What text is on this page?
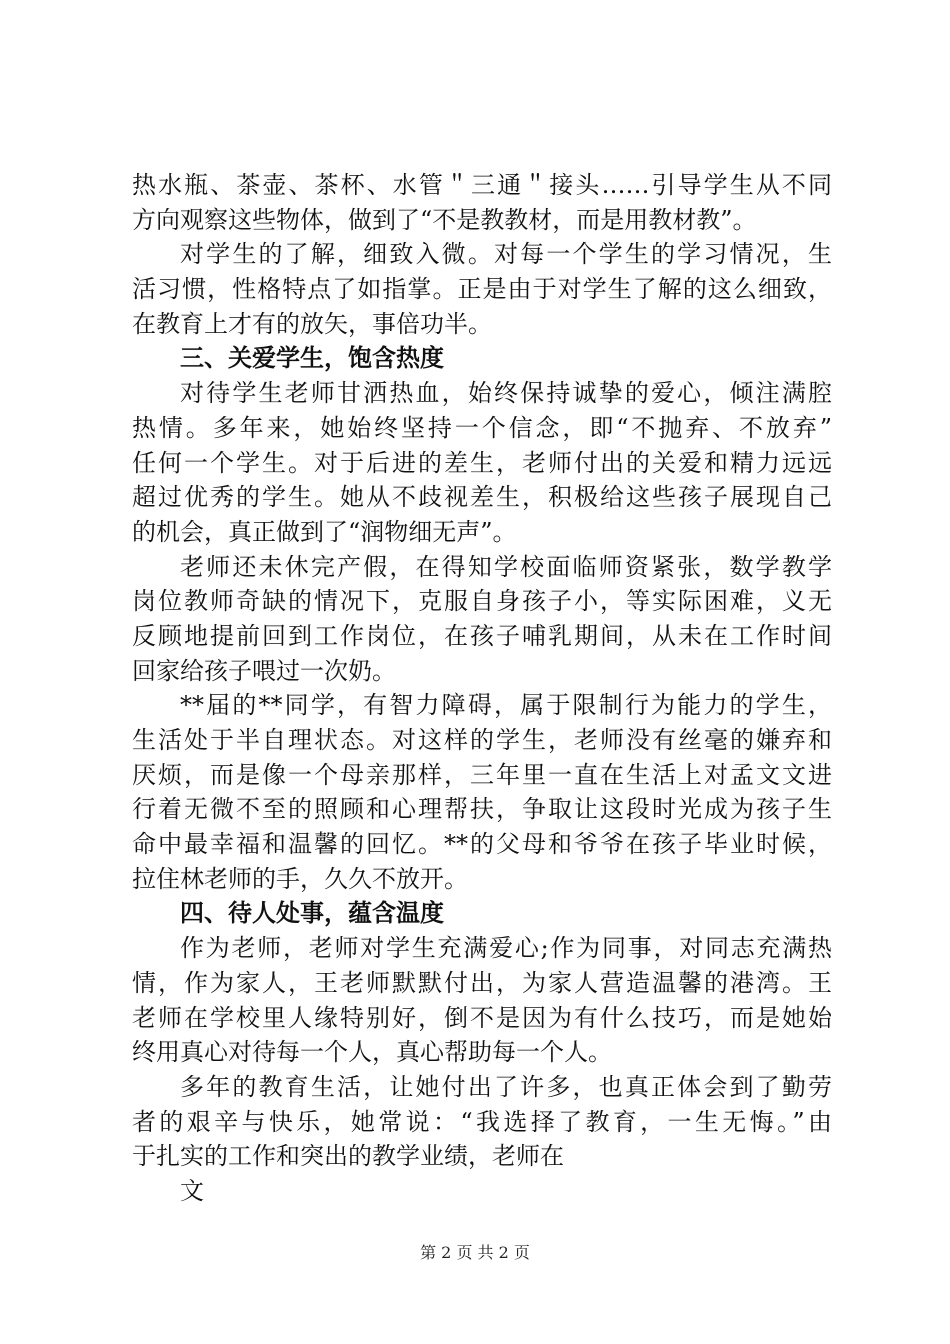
热水瓶、茶壶、茶杯、水管＂三通＂接头……引导学生从不同
方向观察这些物体，做到了“不是教教材，而是用教材教”。
对学生的了解，细致入微。对每一个学生的学习情况，生
活习惯，性格特点了如指掌。正是由于对学生了解的这么细致，
在教育上才有的放矢，事倍功半。
三、关爱学生，饱含热度
对待学生老师甘洒热血，始终保持诚挚的爱心，倾注满腔
热情。多年来，她始终坚持一个信念，即“不抛弃、不放弃”
任何一个学生。对于后进的差生，老师付出的关爱和精力远远
超过优秀的学生。她从不歧视差生，积极给这些孩子展现自己
的机会，真正做到了“润物细无声”。
老师还未休完产假，在得知学校面临师资紧张，数学教学
岗位教师奇缺的情况下，克服自身孩子小，等实际困难，义无
反顾地提前回到工作岗位，在孩子哺乳期间，从未在工作时间
回家给孩子喂过一次奶。
**届的**同学，有智力障碍，属于限制行为能力的学生，
生活处于半自理状态。对这样的学生，老师没有丝毫的嫌弃和
厌烦，而是像一个母亲那样，三年里一直在生活上对孟文文进
行着无微不至的照顾和心理帮扶，争取让这段时光成为孩子生
命中最幸福和温馨的回忆。**的父母和爷爷在孩子毕业时候，
拉住林老师的手，久久不放开。
四、待人处事，蕴含温度
作为老师，老师对学生充满爱心;作为同事，对同志充满热
情，作为家人，王老师默默付出，为家人营造温馨的港湾。王
老师在学校里人缘特别好，倒不是因为有什么技巧，而是她始
终用真心对待每一个人，真心帮助每一个人。
多年的教育生活，让她付出了许多，也真正体会到了勤劳
者的艰辛与快乐，她常说：“我选择了教育，一生无悔。”由
于扎实的工作和突出的教学业绩，老师在
文
第 2 页 共 2 页
